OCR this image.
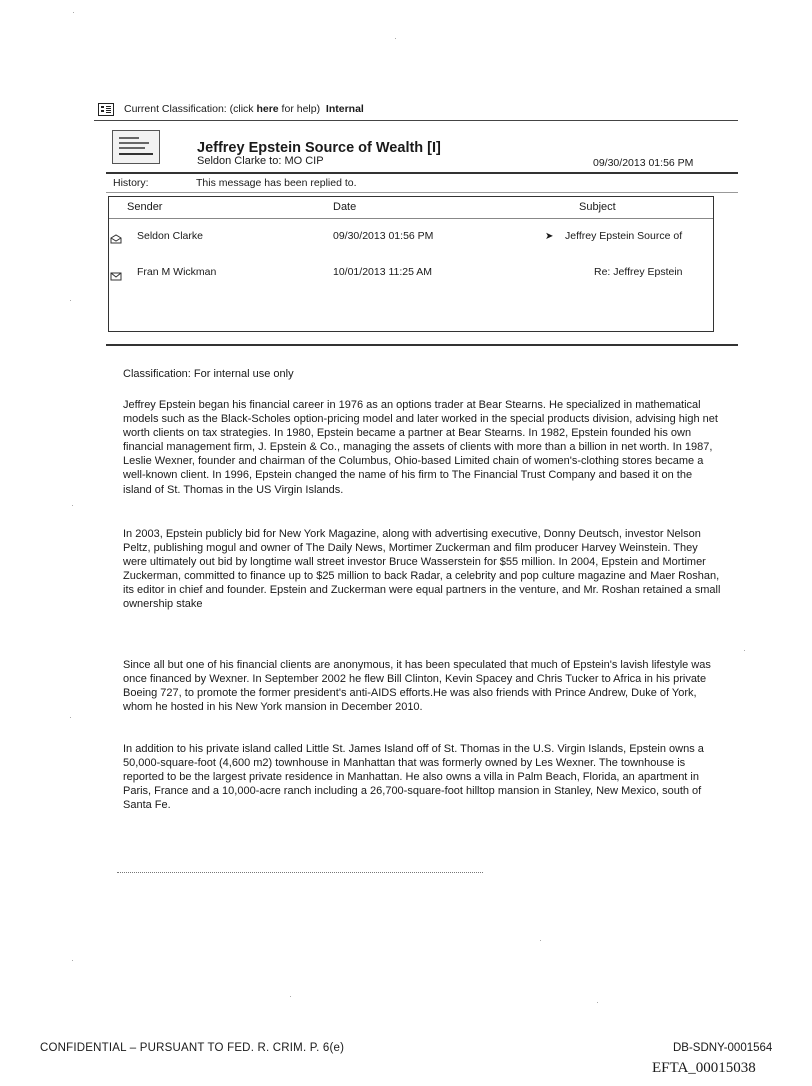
Current Classification: (click here for help) Internal
Jeffrey Epstein Source of Wealth [I]
Seldon Clarke to: MO CIP	09/30/2013 01:56 PM
History:	This message has been replied to.
Sender	Date	Subject
Seldon Clarke	09/30/2013 01:56 PM	➤ Jeffrey Epstein Source of
Fran M Wickman	10/01/2013 11:25 AM	Re: Jeffrey Epstein
Classification: For internal use only

Jeffrey Epstein began his financial career in 1976 as an options trader at Bear Stearns. He specialized in mathematical models such as the Black-Scholes option-pricing model and later worked in the special products division, advising high net worth clients on tax strategies. In 1980, Epstein became a partner at Bear Stearns. In 1982, Epstein founded his own financial management firm, J. Epstein & Co., managing the assets of clients with more than a billion in net worth. In 1987, Leslie Wexner, founder and chairman of the Columbus, Ohio-based Limited chain of women's-clothing stores became a well-known client. In 1996, Epstein changed the name of his firm to The Financial Trust Company and based it on the island of St. Thomas in the US Virgin Islands.

In 2003, Epstein publicly bid for New York Magazine, along with advertising executive, Donny Deutsch, investor Nelson Peltz, publishing mogul and owner of The Daily News, Mortimer Zuckerman and film producer Harvey Weinstein. They were ultimately out bid by longtime wall street investor Bruce Wasserstein for $55 million. In 2004, Epstein and Mortimer Zuckerman, committed to finance up to $25 million to back Radar, a celebrity and pop culture magazine and Maer Roshan, its editor in chief and founder. Epstein and Zuckerman were equal partners in the venture, and Mr. Roshan retained a small ownership stake

Since all but one of his financial clients are anonymous, it has been speculated that much of Epstein's lavish lifestyle was once financed by Wexner. In September 2002 he flew Bill Clinton, Kevin Spacey and Chris Tucker to Africa in his private Boeing 727, to promote the former president's anti-AIDS efforts.He was also friends with Prince Andrew, Duke of York, whom he hosted in his New York mansion in December 2010.

In addition to his private island called Little St. James Island off of St. Thomas in the U.S. Virgin Islands, Epstein owns a 50,000-square-foot (4,600 m2) townhouse in Manhattan that was formerly owned by Les Wexner. The townhouse is reported to be the largest private residence in Manhattan. He also owns a villa in Palm Beach, Florida, an apartment in Paris, France and a 10,000-acre ranch including a 26,700-square-foot hilltop mansion in Stanley, New Mexico, south of Santa Fe.

CONFIDENTIAL – PURSUANT TO FED. R. CRIM. P. 6(e)	DB-SDNY-0001564
EFTA_00015038
